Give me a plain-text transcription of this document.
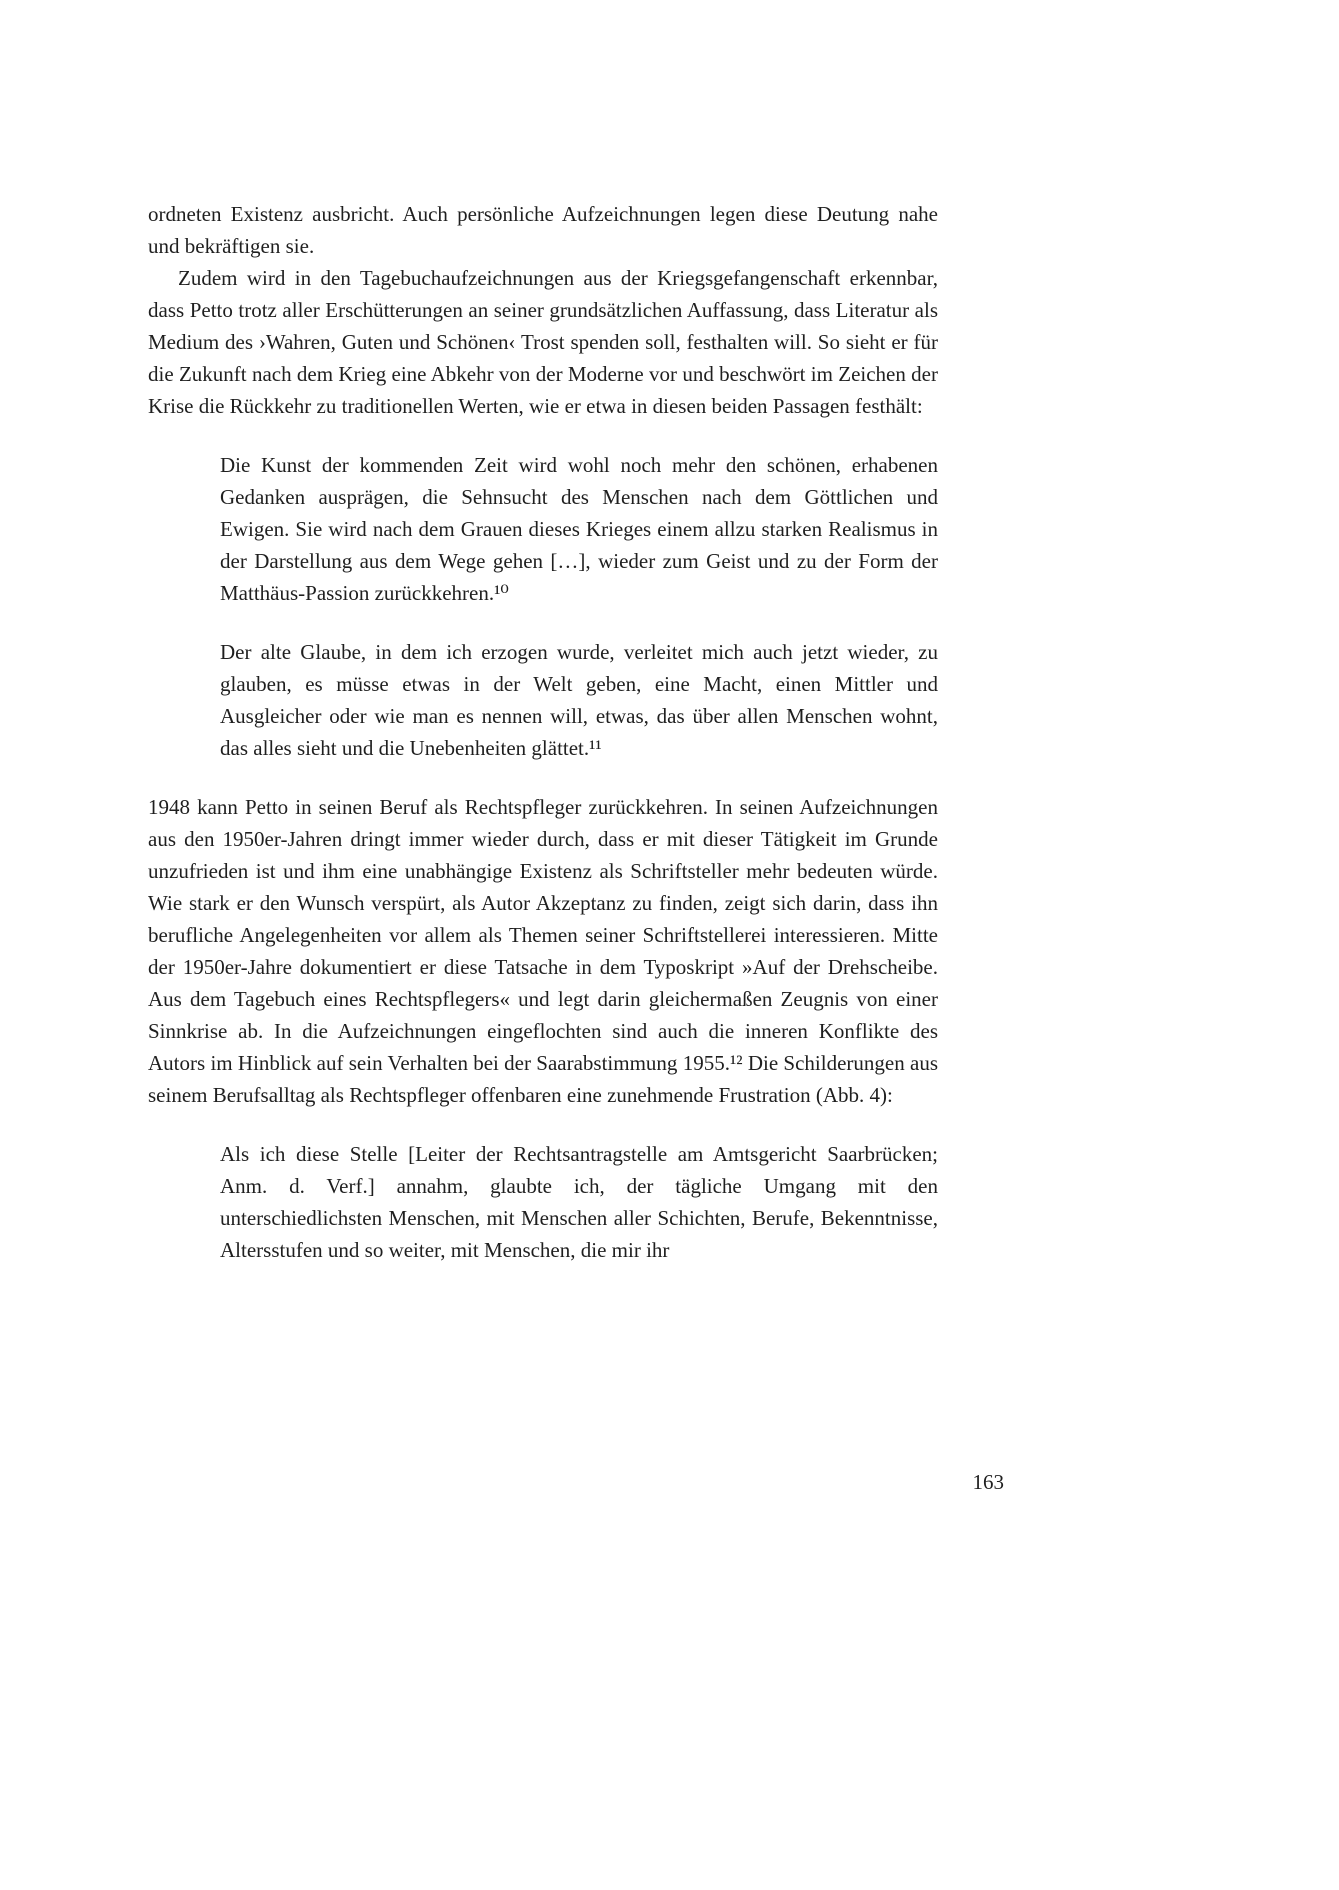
ordneten Existenz ausbricht. Auch persönliche Aufzeichnungen legen diese Deutung nahe und bekräftigen sie.

Zudem wird in den Tagebuchaufzeichnungen aus der Kriegsgefangenschaft erkennbar, dass Petto trotz aller Erschütterungen an seiner grundsätzlichen Auffassung, dass Literatur als Medium des ›Wahren, Guten und Schönen‹ Trost spenden soll, festhalten will. So sieht er für die Zukunft nach dem Krieg eine Abkehr von der Moderne vor und beschwört im Zeichen der Krise die Rückkehr zu traditionellen Werten, wie er etwa in diesen beiden Passagen festhält:

Die Kunst der kommenden Zeit wird wohl noch mehr den schönen, erhabenen Gedanken ausprägen, die Sehnsucht des Menschen nach dem Göttlichen und Ewigen. Sie wird nach dem Grauen dieses Krieges einem allzu starken Realismus in der Darstellung aus dem Wege gehen […], wieder zum Geist und zu der Form der Matthäus-Passion zurückkehren.¹⁰
Der alte Glaube, in dem ich erzogen wurde, verleitet mich auch jetzt wieder, zu glauben, es müsse etwas in der Welt geben, eine Macht, einen Mittler und Ausgleicher oder wie man es nennen will, etwas, das über allen Menschen wohnt, das alles sieht und die Unebenheiten glättet.¹¹

1948 kann Petto in seinen Beruf als Rechtspfleger zurückkehren. In seinen Aufzeichnungen aus den 1950er-Jahren dringt immer wieder durch, dass er mit dieser Tätigkeit im Grunde unzufrieden ist und ihm eine unabhängige Existenz als Schriftsteller mehr bedeuten würde. Wie stark er den Wunsch verspürt, als Autor Akzeptanz zu finden, zeigt sich darin, dass ihn berufliche Angelegenheiten vor allem als Themen seiner Schriftstellerei interessieren. Mitte der 1950er-Jahre dokumentiert er diese Tatsache in dem Typoskript »Auf der Drehscheibe. Aus dem Tagebuch eines Rechtspflegers« und legt darin gleichermaßen Zeugnis von einer Sinnkrise ab. In die Aufzeichnungen eingeflochten sind auch die inneren Konflikte des Autors im Hinblick auf sein Verhalten bei der Saarabstimmung 1955.¹² Die Schilderungen aus seinem Berufsalltag als Rechtspfleger offenbaren eine zunehmende Frustration (Abb. 4):

Als ich diese Stelle [Leiter der Rechtsantragstelle am Amtsgericht Saarbrücken; Anm. d. Verf.] annahm, glaubte ich, der tägliche Umgang mit den unterschiedlichsten Menschen, mit Menschen aller Schichten, Berufe, Bekenntnisse, Altersstufen und so weiter, mit Menschen, die mir ihr
163
